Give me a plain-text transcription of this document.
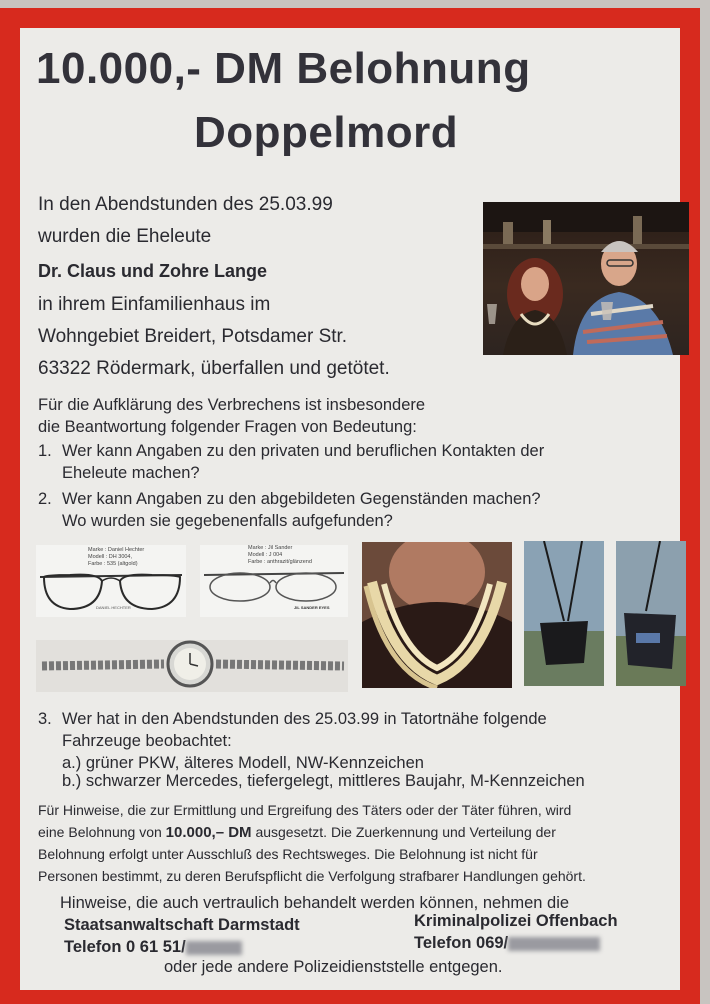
10.000,- DM Belohnung
Doppelmord
In den Abendstunden des 25.03.99
wurden die Eheleute
Dr. Claus und Zohre Lange
in ihrem Einfamilienhaus im
Wohngebiet Breidert, Potsdamer Str.
63322 Rödermark, überfallen und getötet.
Für die Aufklärung des Verbrechens ist insbesondere
die Beantwortung folgender Fragen von Bedeutung:
1. Wer kann Angaben zu den privaten und beruflichen Kontakten der
Eheleute machen?
2. Wer kann Angaben zu den abgebildeten Gegenständen machen?
Wo wurden sie gegebenenfalls aufgefunden?
Marke : Daniel Hechter
Modell : DH 3004,
Farbe : 535 (altgold)
DANIEL HECHTER
Marke : Jil Sander
Modell : J 004
Farbe : anthrazit/glänzend
JIL SANDER EYES
3. Wer hat in den Abendstunden des 25.03.99 in Tatortnähe folgende
Fahrzeuge beobachtet:
a.) grüner PKW, älteres Modell, NW-Kennzeichen
b.) schwarzer Mercedes, tiefergelegt, mittleres Baujahr, M-Kennzeichen
Für Hinweise, die zur Ermittlung und Ergreifung des Täters oder der Täter führen, wird
eine Belohnung von 10.000,– DM ausgesetzt. Die Zuerkennung und Verteilung der
Belohnung erfolgt unter Ausschluß des Rechtsweges. Die Belohnung ist nicht für
Personen bestimmt, zu deren Berufspflicht die Verfolgung strafbarer Handlungen gehört.
Hinweise, die auch vertraulich behandelt werden können, nehmen die
Staatsanwaltschaft Darmstadt
Telefon 0 61 51/
Kriminalpolizei Offenbach
Telefon 069/
oder jede andere Polizeidienststelle entgegen.
